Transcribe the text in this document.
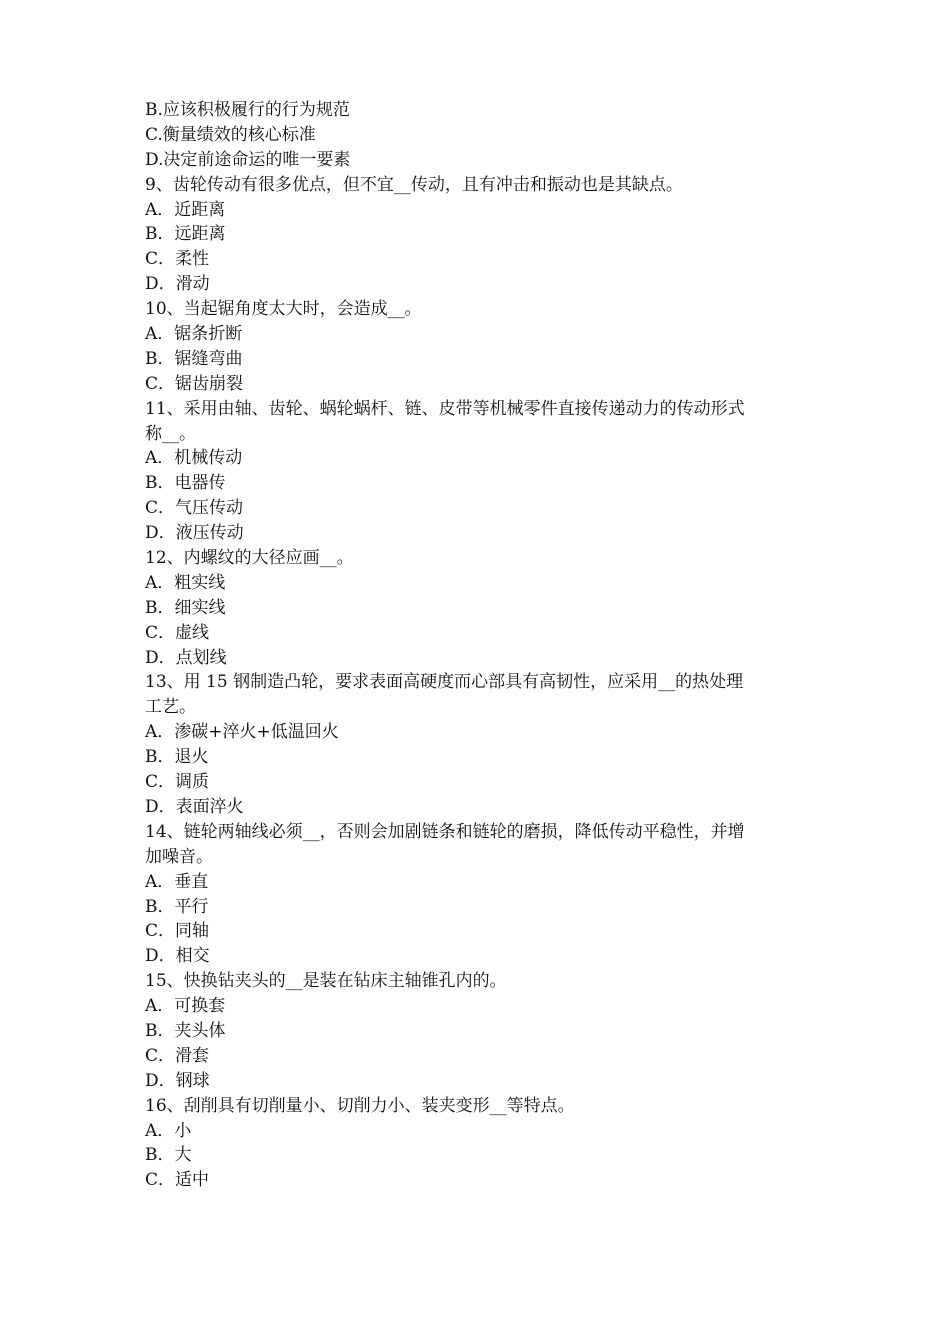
B.应该积极履行的行为规范
C.衡量绩效的核心标准
D.决定前途命运的唯一要素
9、齿轮传动有很多优点，但不宜__传动，且有冲击和振动也是其缺点。
A．近距离
B．远距离
C．柔性
D．滑动
10、当起锯角度太大时，会造成__。
A．锯条折断
B．锯缝弯曲
C．锯齿崩裂
11、采用由轴、齿轮、蜗轮蜗杆、链、皮带等机械零件直接传递动力的传动形式
称__。
A．机械传动
B．电器传
C．气压传动
D．液压传动
12、内螺纹的大径应画__。
A．粗实线
B．细实线
C．虚线
D．点划线
13、用 15 钢制造凸轮，要求表面高硬度而心部具有高韧性，应采用__的热处理
工艺。
A．渗碳+淬火+低温回火
B．退火
C．调质
D．表面淬火
14、链轮两轴线必须__，否则会加剧链条和链轮的磨损，降低传动平稳性，并增
加噪音。
A．垂直
B．平行
C．同轴
D．相交
15、快换钻夹头的__是装在钻床主轴锥孔内的。
A．可换套
B．夹头体
C．滑套
D．钢球
16、刮削具有切削量小、切削力小、装夹变形__等特点。
A．小
B．大
C．适中
